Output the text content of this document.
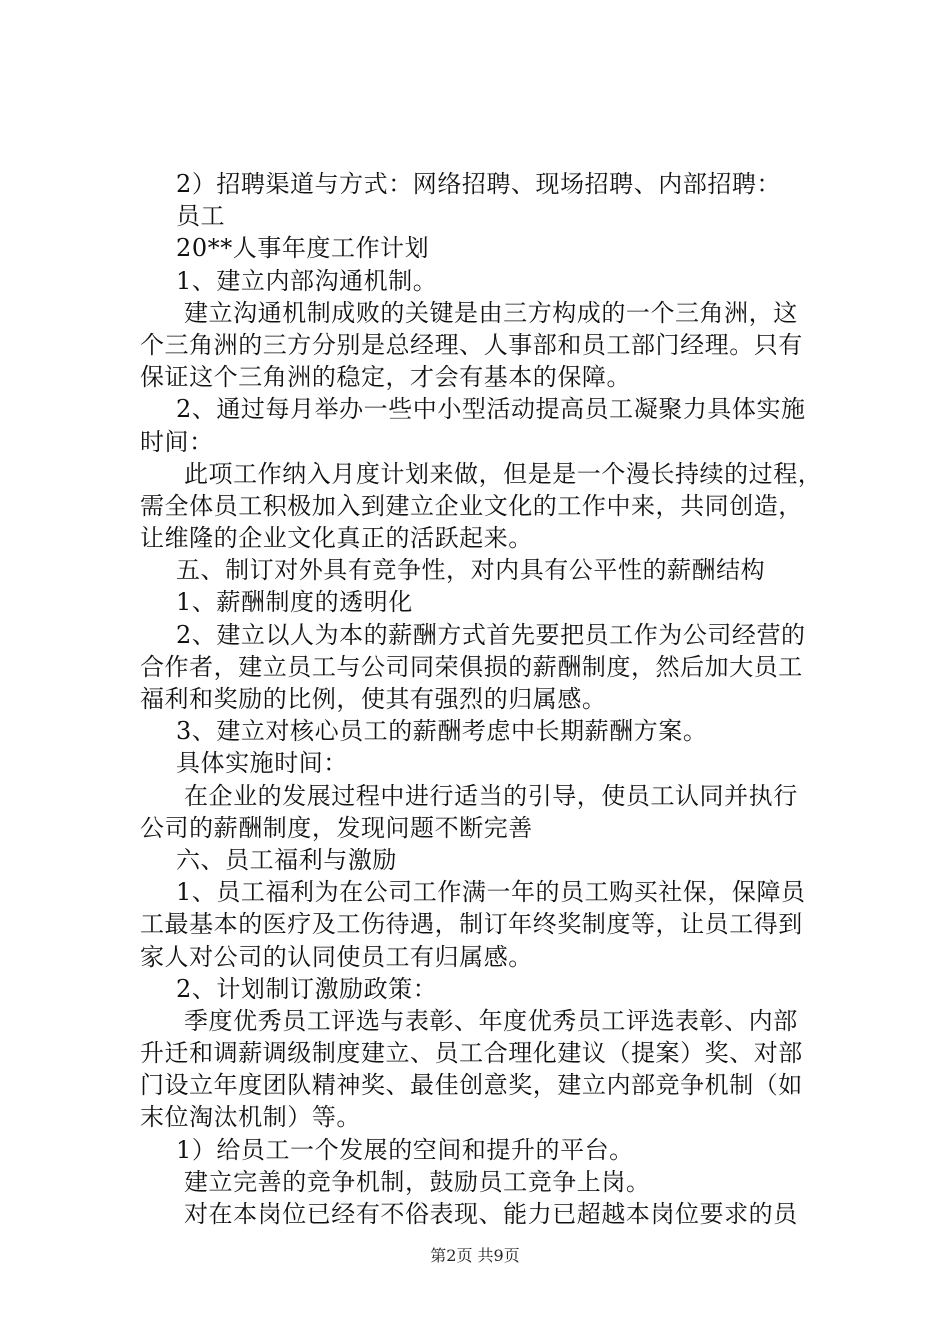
2）招聘渠道与方式：网络招聘、现场招聘、内部招聘：
员工
20**人事年度工作计划
1、建立内部沟通机制。
建立沟通机制成败的关键是由三方构成的一个三角洲，这
个三角洲的三方分别是总经理、人事部和员工部门经理。只有
保证这个三角洲的稳定，才会有基本的保障。
2、通过每月举办一些中小型活动提高员工凝聚力具体实施
时间：
此项工作纳入月度计划来做，但是是一个漫长持续的过程，
需全体员工积极加入到建立企业文化的工作中来，共同创造，
让维隆的企业文化真正的活跃起来。
五、制订对外具有竞争性，对内具有公平性的薪酬结构
1、薪酬制度的透明化
2、建立以人为本的薪酬方式首先要把员工作为公司经营的
合作者，建立员工与公司同荣俱损的薪酬制度，然后加大员工
福利和奖励的比例，使其有强烈的归属感。
3、建立对核心员工的薪酬考虑中长期薪酬方案。
具体实施时间：
在企业的发展过程中进行适当的引导，使员工认同并执行
公司的薪酬制度，发现问题不断完善
六、员工福利与激励
1、员工福利为在公司工作满一年的员工购买社保，保障员
工最基本的医疗及工伤待遇，制订年终奖制度等，让员工得到
家人对公司的认同使员工有归属感。
2、计划制订激励政策：
季度优秀员工评选与表彰、年度优秀员工评选表彰、内部
升迁和调薪调级制度建立、员工合理化建议（提案）奖、对部
门设立年度团队精神奖、最佳创意奖，建立内部竞争机制（如
末位淘汰机制）等。
1）给员工一个发展的空间和提升的平台。
建立完善的竞争机制，鼓励员工竞争上岗。
对在本岗位已经有不俗表现、能力已超越本岗位要求的员
第2页 共9页
